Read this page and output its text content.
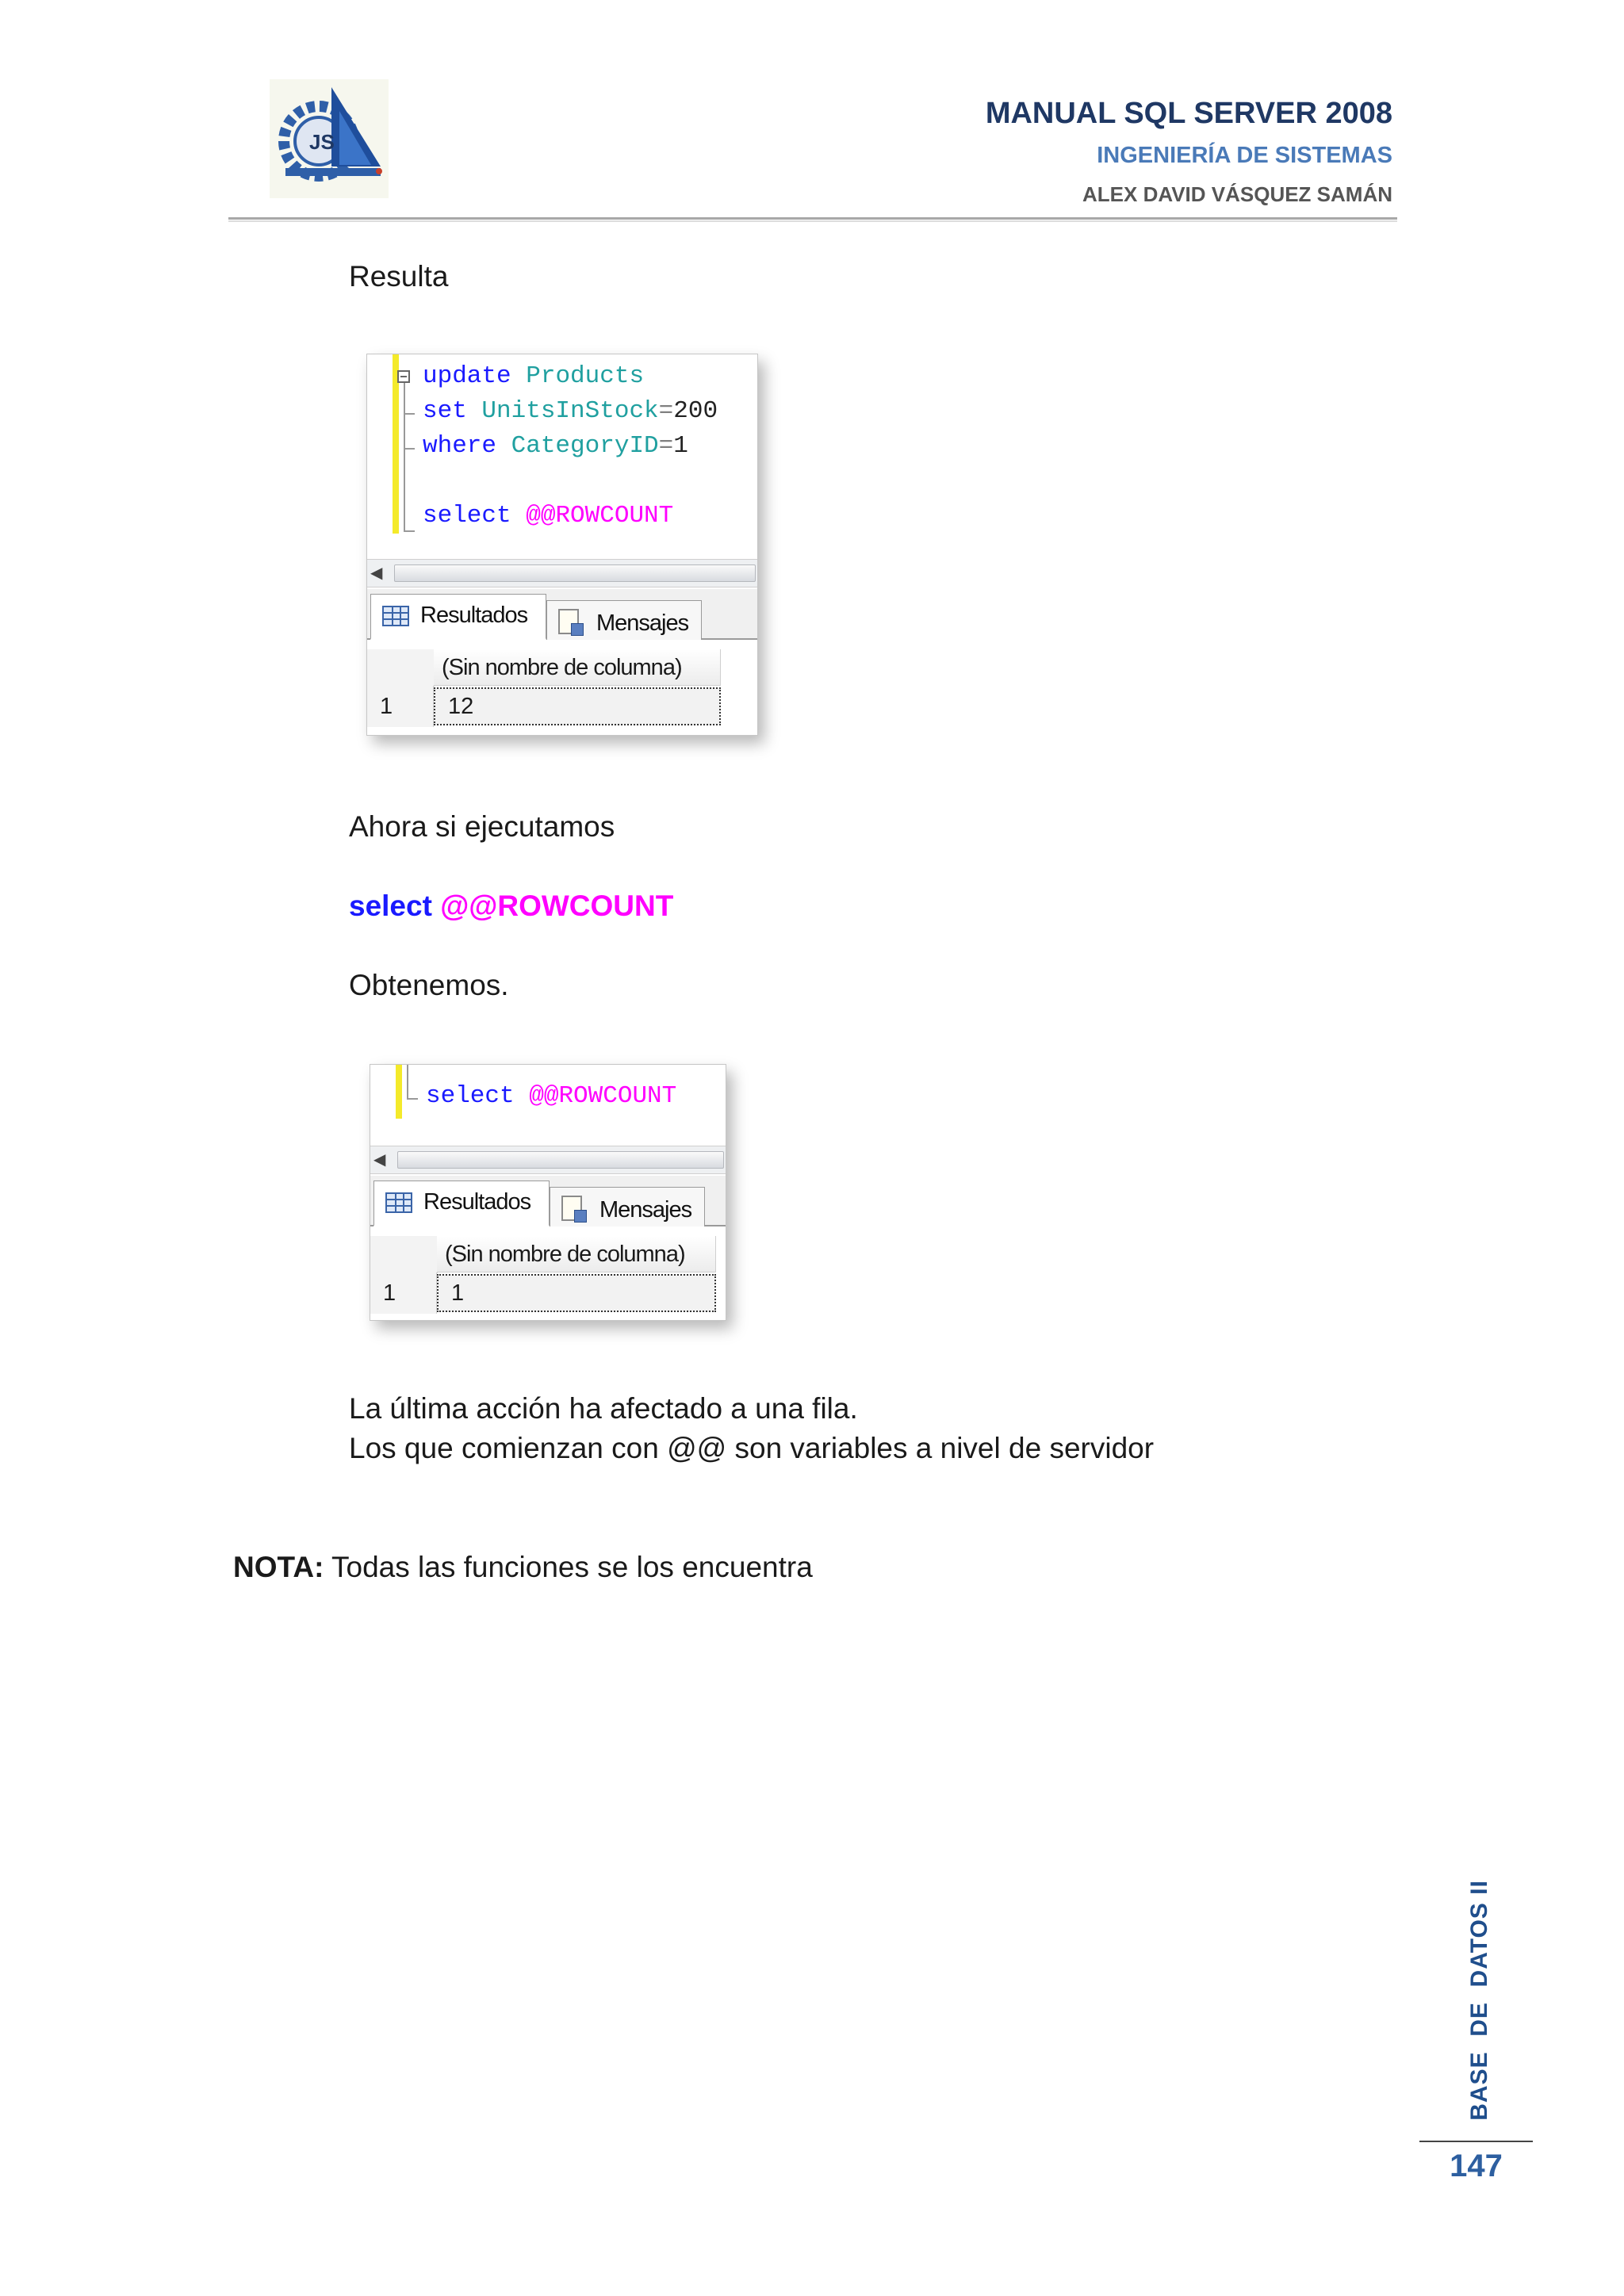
JS
MANUAL SQL SERVER 2008
INGENIERÍA DE SISTEMAS
ALEX DAVID VÁSQUEZ SAMÁN
Resulta
update Products
set UnitsInStock=200
where CategoryID=1
select @@ROWCOUNT
◀
Resultados	Mensajes
(Sin nombre de columna)
1	12
Ahora si ejecutamos
select @@ROWCOUNT
Obtenemos.
select @@ROWCOUNT
◀
Resultados	Mensajes
(Sin nombre de columna)
1	1
La última acción ha afectado a una fila.
Los que comienzan con @@ son variables a nivel de servidor
NOTA: Todas las funciones se los encuentra
BASE  DE  DATOS II
147
